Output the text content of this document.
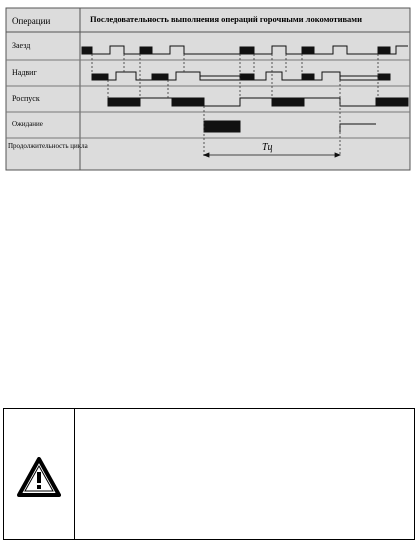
Операции	Последовательность выполнения операций горочными локомотивами
Заезд
Надвиг
Роспуск
Ожидание
Продолжительность цикла	Tц
